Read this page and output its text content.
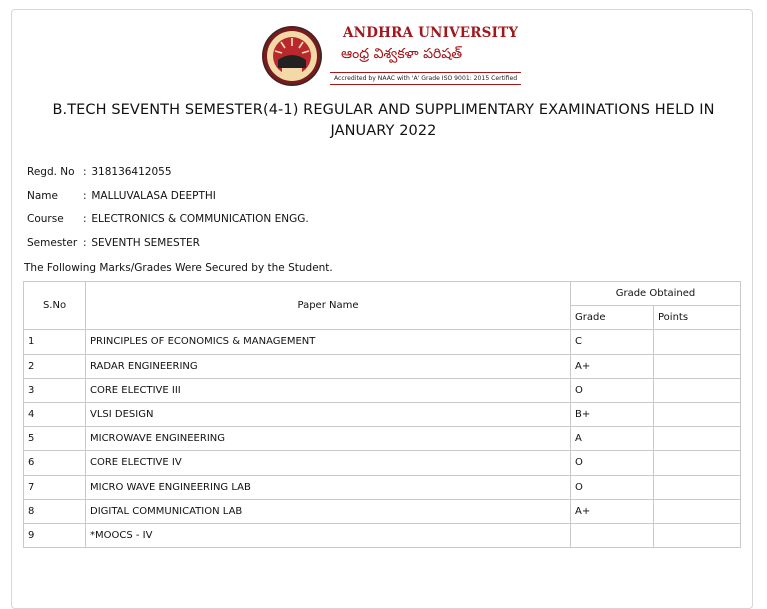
ANDHRA UNIVERSITY
ఆంధ్ర విశ్వకళా పరిషత్
Accredited by NAAC with 'A' Grade ISO 9001: 2015 Certified
B.TECH SEVENTH SEMESTER(4-1) REGULAR AND SUPPLIMENTARY EXAMINATIONS HELD IN JANUARY 2022
Regd. No : 318136412055
Name : MALLUVALASA DEEPTHI
Course : ELECTRONICS & COMMUNICATION ENGG.
Semester : SEVENTH SEMESTER
The Following Marks/Grades Were Secured by the Student.
S.No	Paper Name	Grade Obtained	
		Grade	Points
1	PRINCIPLES OF ECONOMICS & MANAGEMENT	C	
2	RADAR ENGINEERING	A+	
3	CORE ELECTIVE III	O	
4	VLSI DESIGN	B+	
5	MICROWAVE ENGINEERING	A	
6	CORE ELECTIVE IV	O	
7	MICRO WAVE ENGINEERING LAB	O	
8	DIGITAL COMMUNICATION LAB	A+	
9	*MOOCS - IV		
